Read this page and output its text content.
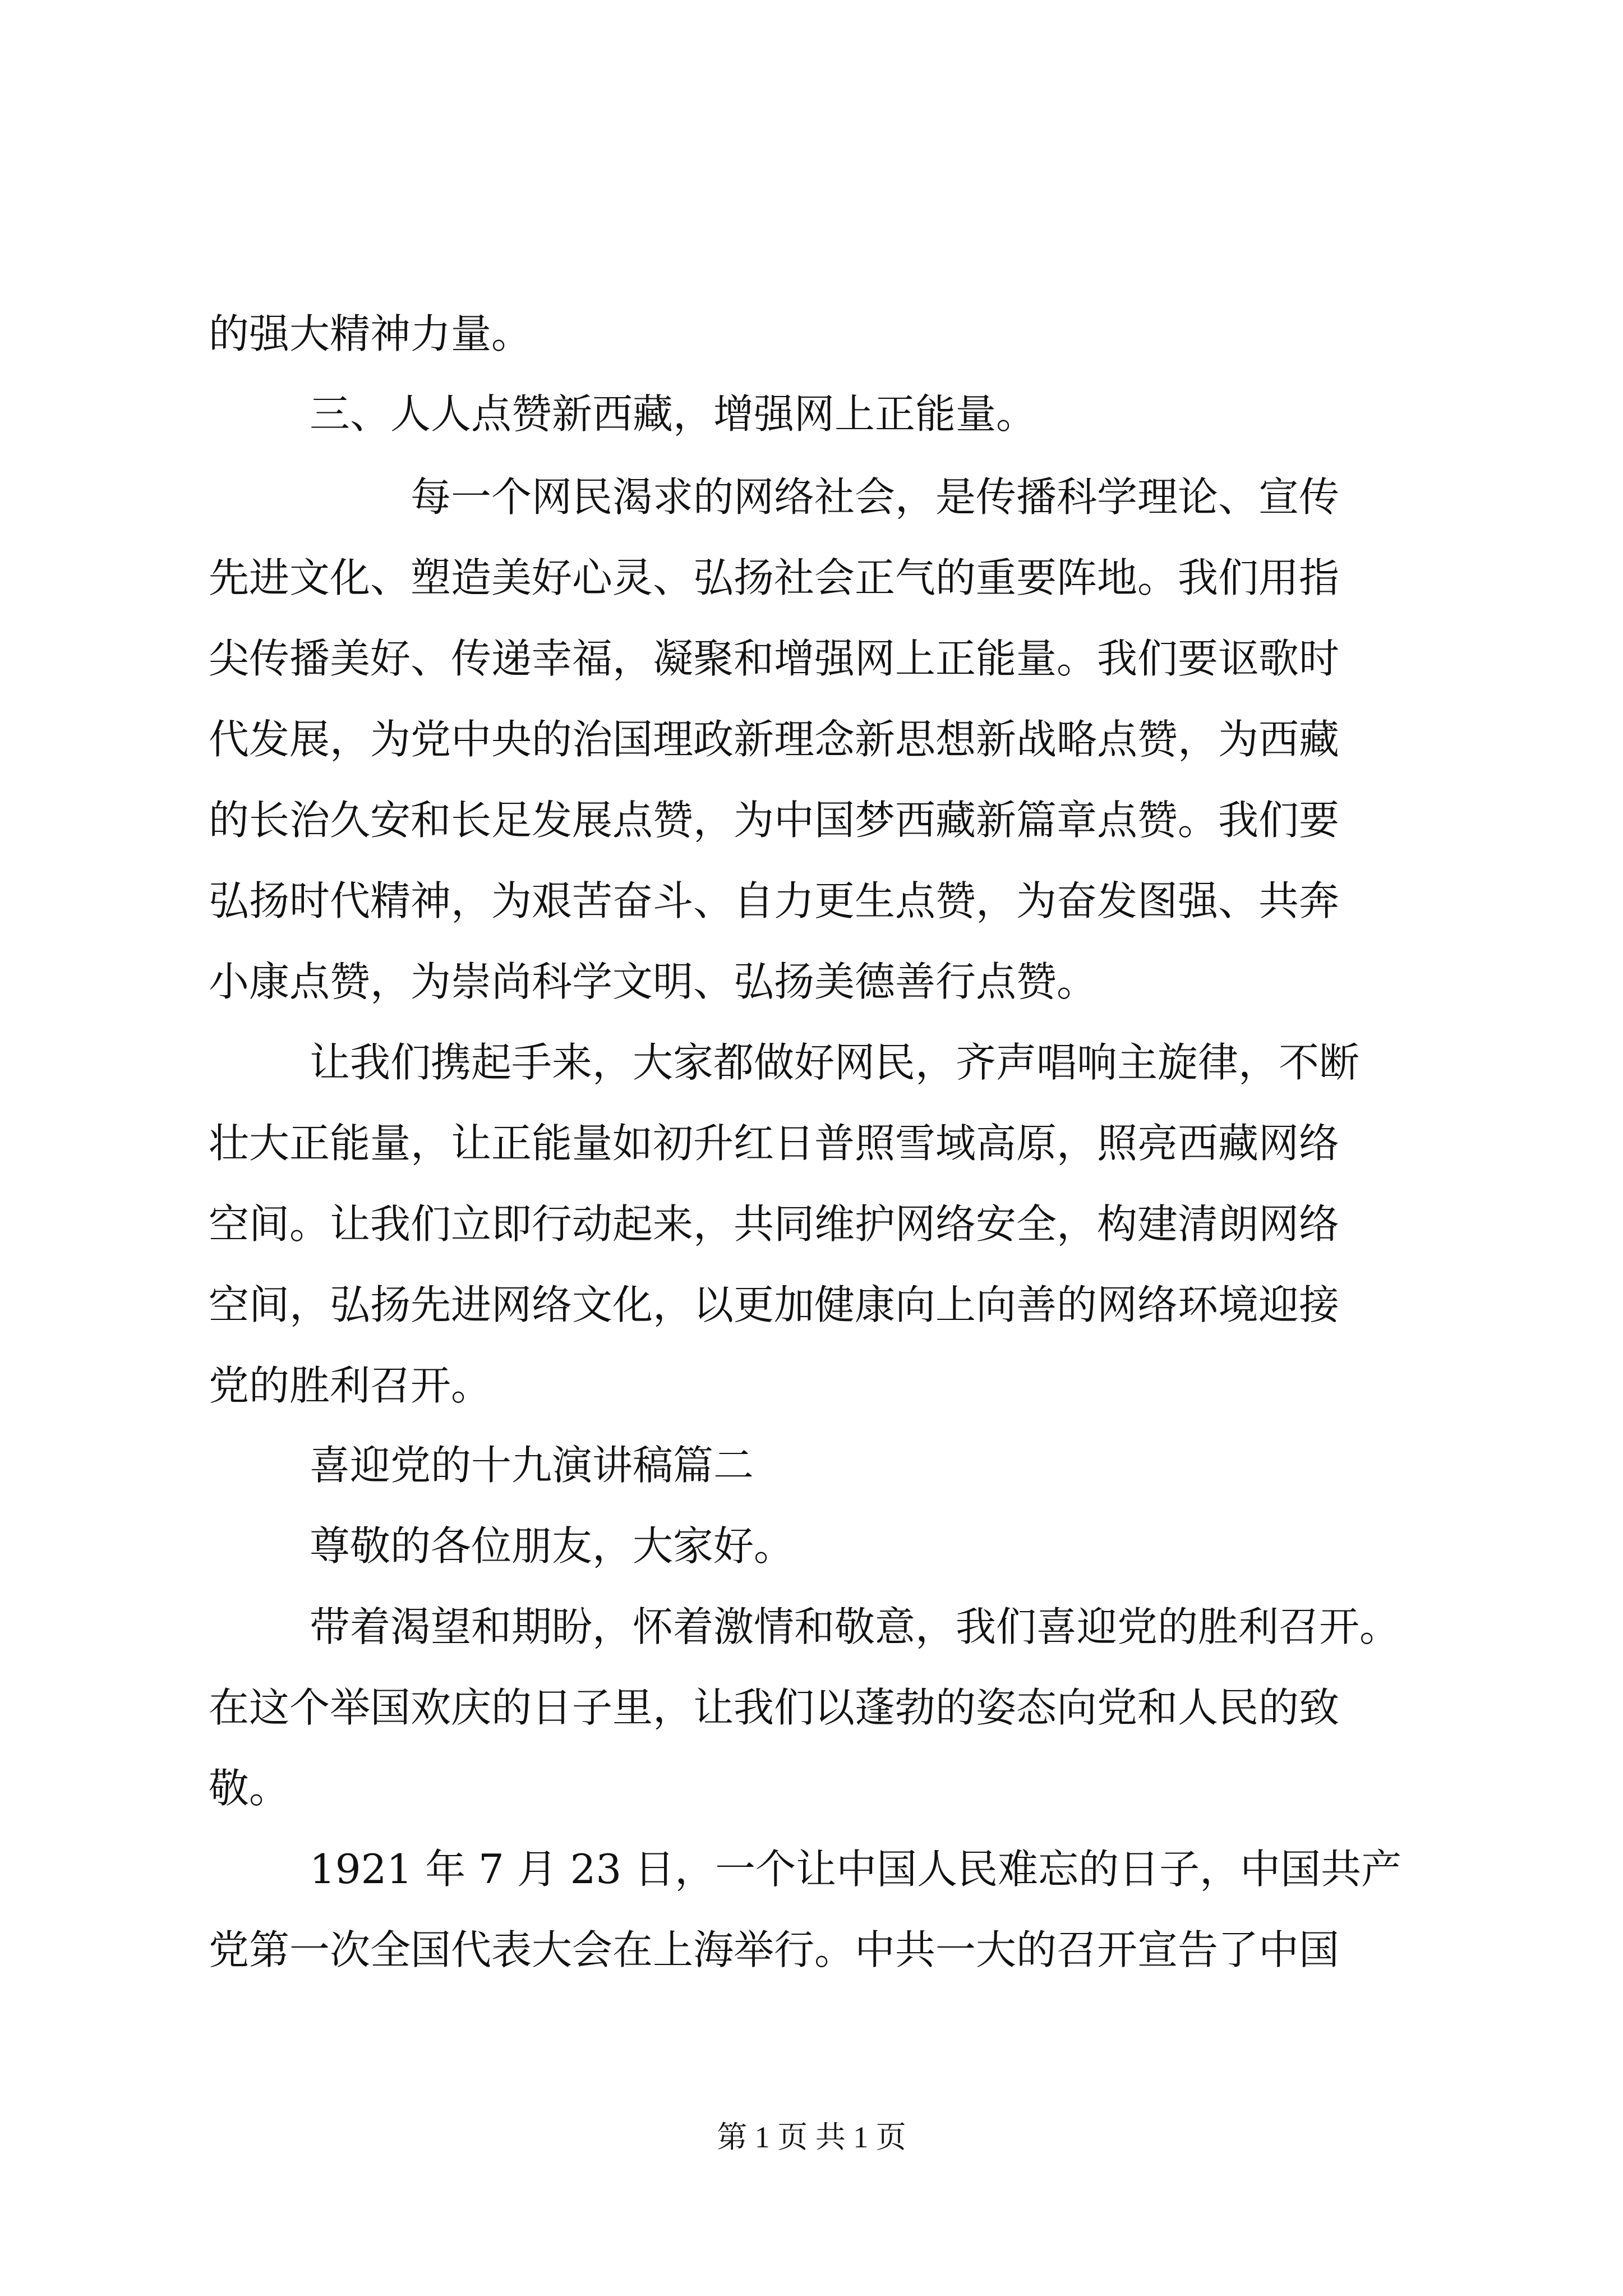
的强大精神力量。
三、人人点赞新西藏，增强网上正能量。
每一个网民渴求的网络社会，是传播科学理论、宣传
先进文化、塑造美好心灵、弘扬社会正气的重要阵地。我们用指
尖传播美好、传递幸福，凝聚和增强网上正能量。我们要讴歌时
代发展，为党中央的治国理政新理念新思想新战略点赞，为西藏
的长治久安和长足发展点赞，为中国梦西藏新篇章点赞。我们要
弘扬时代精神，为艰苦奋斗、自力更生点赞，为奋发图强、共奔
小康点赞，为崇尚科学文明、弘扬美德善行点赞。
让我们携起手来，大家都做好网民，齐声唱响主旋律，不断
壮大正能量，让正能量如初升红日普照雪域高原，照亮西藏网络
空间。让我们立即行动起来，共同维护网络安全，构建清朗网络
空间，弘扬先进网络文化，以更加健康向上向善的网络环境迎接
党的胜利召开。
喜迎党的十九演讲稿篇二
尊敬的各位朋友，大家好。
带着渴望和期盼，怀着激情和敬意，我们喜迎党的胜利召开。
在这个举国欢庆的日子里，让我们以蓬勃的姿态向党和人民的致
敬。
1921 年 7 月 23 日，一个让中国人民难忘的日子，中国共产
党第一次全国代表大会在上海举行。中共一大的召开宣告了中国
第 1 页 共 1 页
